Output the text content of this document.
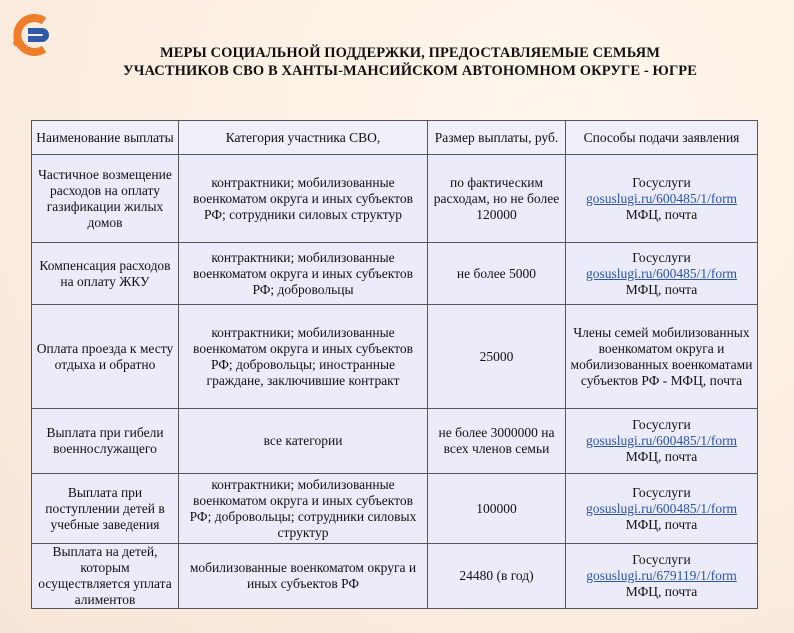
МЕРЫ СОЦИАЛЬНОЙ ПОДДЕРЖКИ, ПРЕДОСТАВЛЯЕМЫЕ СЕМЬЯМ
УЧАСТНИКОВ СВО В ХАНТЫ-МАНСИЙСКОМ АВТОНОМНОМ ОКРУГЕ - ЮГРЕ
Наименование выплаты	Категория участника СВО,	Размер выплаты, руб.	Способы подачи заявления
Частичное возмещение расходов на оплату газификации жилых домов	контрактники; мобилизованные военкоматом округа и иных субъектов РФ; сотрудники силовых структур	по фактическим расходам, но не более 120000	Госуслуги
gosuslugi.ru/600485/1/form
МФЦ, почта

Компенсация расходов на оплату ЖКУ	контрактники; мобилизованные военкоматом округа и иных субъектов РФ; добровольцы	не более 5000	Госуслуги
gosuslugi.ru/600485/1/form
МФЦ, почта

Оплата проезда к месту отдыха и обратно	контрактники; мобилизованные военкоматом округа и иных субъектов РФ; добровольцы; иностранные граждане, заключившие контракт	25000	Члены семей мобилизованных военкоматом округа и мобилизованных военкоматами субъектов РФ - МФЦ, почта

Выплата при гибели военнослужащего	все категории	не более 3000000 на всех членов семьи	Госуслуги
gosuslugi.ru/600485/1/form
МФЦ, почта

Выплата при поступлении детей в учебные заведения	контрактники; мобилизованные военкоматом округа и иных субъектов РФ; добровольцы; сотрудники силовых структур	100000	Госуслуги
gosuslugi.ru/600485/1/form
МФЦ, почта

Выплата на детей, которым осуществляется уплата алиментов	мобилизованные военкоматом округа и иных субъектов РФ	24480 (в год)	Госуслуги
gosuslugi.ru/679119/1/form
МФЦ, почта
